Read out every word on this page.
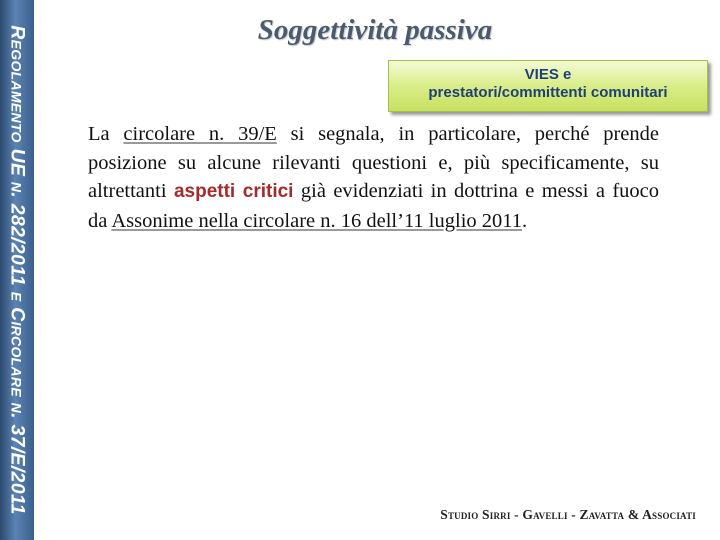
Regolamento UE n. 282/2011 e Circolare n. 37/E/2011	Soggettività passiva
VIES e
prestatori/committenti comunitari
La circolare n. 39/E si segnala, in particolare, perché prende posizione su alcune rilevanti questioni e, più specificamente, su altrettanti aspetti critici già evidenziati in dottrina e messi a fuoco da Assonime nella circolare n. 16 dell’11 luglio 2011.
Studio Sirri - Gavelli - Zavatta & Associati
